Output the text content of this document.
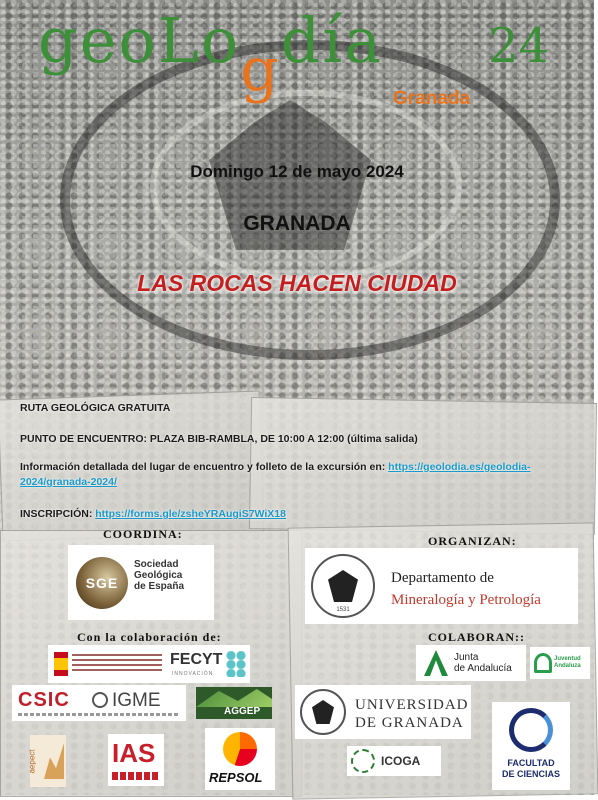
geoLogdía 24
Granada
Domingo 12 de mayo 2024
GRANADA
LAS ROCAS HACEN CIUDAD
RUTA GEOLÓGICA GRATUITA
PUNTO DE ENCUENTRO: PLAZA BIB-RAMBLA, DE 10:00 A 12:00 (última salida)
Información detallada del lugar de encuentro y folleto de la excursión en: https://geolodia.es/geolodia-
2024/granada-2024/
INSCRIPCIÓN: https://forms.gle/zsheYRAugiS7WiX18
COORDINA:	ORGANIZAN:
Con la colaboración de:	COLABORAN::
SGE
Sociedad
Geológica
de España
1531
Departamento de
Mineralogía y Petrología
FECYT
INNOVACIÓN
Junta
de Andalucía
Juventud
Andaluza
CSIC IGME
AGGEP	UNIVERSIDAD
DE GRANADA
aepect	IAS
REPSOL
ICOGA	FACULTAD
DE CIENCIAS
